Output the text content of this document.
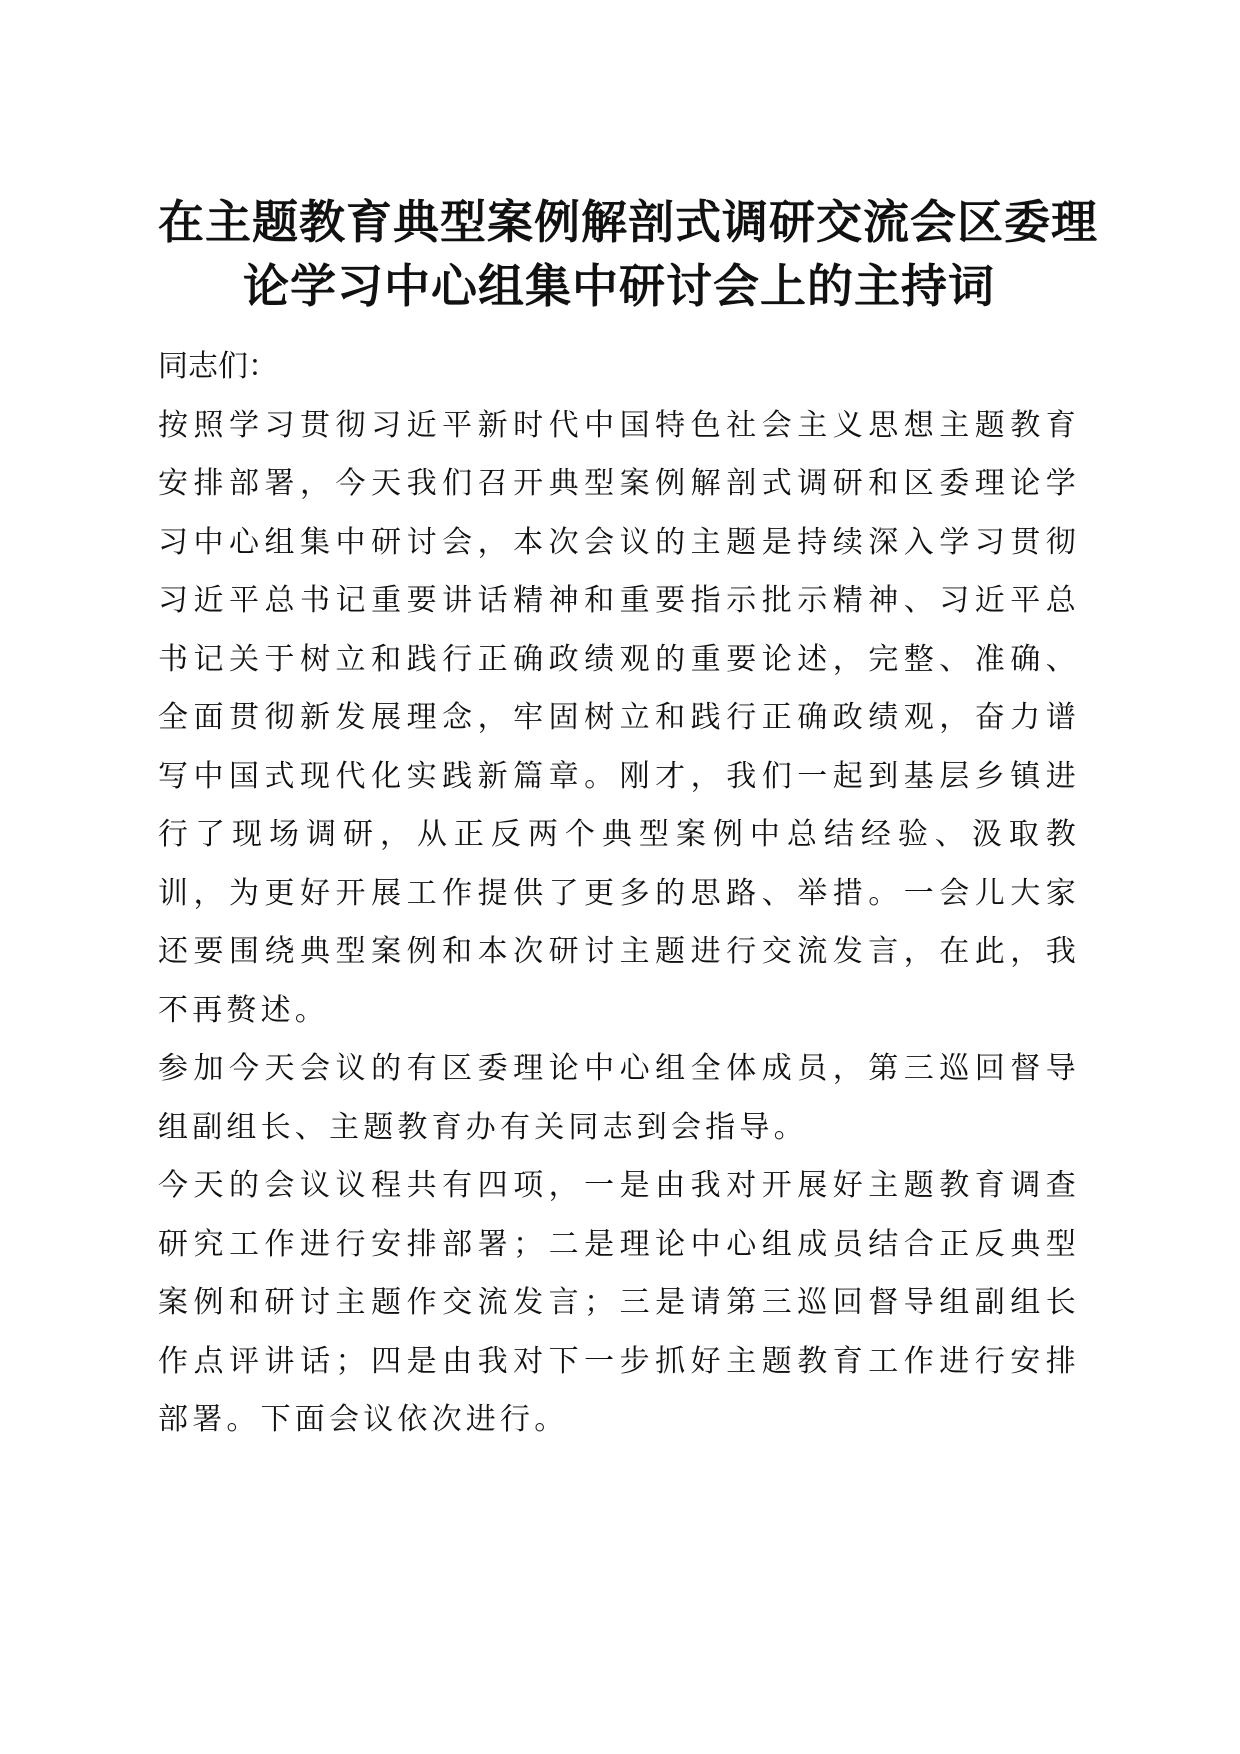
在主题教育典型案例解剖式调研交流会区委理
论学习中心组集中研讨会上的主持词

同志们：

按照学习贯彻习近平新时代中国特色社会主义思想主题教育安排部署，今天我们召开典型案例解剖式调研和区委理论学习中心组集中研讨会，本次会议的主题是持续深入学习贯彻习近平总书记重要讲话精神和重要指示批示精神、习近平总书记关于树立和践行正确政绩观的重要论述，完整、准确、全面贯彻新发展理念，牢固树立和践行正确政绩观，奋力谱写中国式现代化实践新篇章。刚才，我们一起到基层乡镇进行了现场调研，从正反两个典型案例中总结经验、汲取教训，为更好开展工作提供了更多的思路、举措。一会儿大家还要围绕典型案例和本次研讨主题进行交流发言，在此，我不再赘述。

参加今天会议的有区委理论中心组全体成员，第三巡回督导组副组长、主题教育办有关同志到会指导。

今天的会议议程共有四项，一是由我对开展好主题教育调查研究工作进行安排部署；二是理论中心组成员结合正反典型案例和研讨主题作交流发言；三是请第三巡回督导组副组长作点评讲话；四是由我对下一步抓好主题教育工作进行安排部署。下面会议依次进行。
